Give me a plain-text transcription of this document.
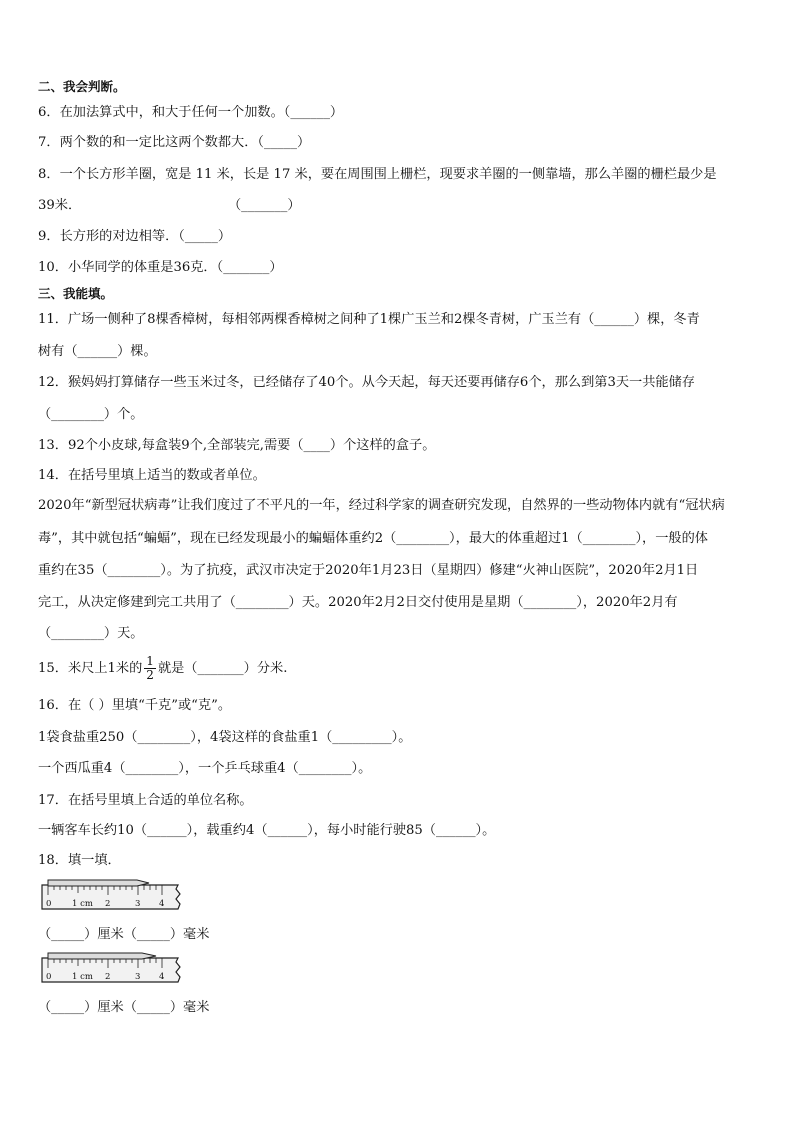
二、我会判断。
6．在加法算式中，和大于任何一个加数。（______）
7．两个数的和一定比这两个数都大．（_____）
8．一个长方形羊圈，宽是 11 米，长是 17 米，要在周围围上栅栏，现要求羊圈的一侧靠墙，那么羊圈的栅栏最少是
39米．	（_______）
9．长方形的对边相等．（_____）
10．小华同学的体重是36克．（_______）
三、我能填。
11．广场一侧种了8棵香樟树，每相邻两棵香樟树之间种了1棵广玉兰和2棵冬青树，广玉兰有（______）棵，冬青
树有（______）棵。
12．猴妈妈打算储存一些玉米过冬，已经储存了40个。从今天起，每天还要再储存6个，那么到第3天一共能储存
（________）个。
13．92个小皮球,每盒装9个,全部装完,需要（____）个这样的盒子。
14．在括号里填上适当的数或者单位。
2020年“新型冠状病毒”让我们度过了不平凡的一年，经过科学家的调查研究发现，自然界的一些动物体内就有“冠状病
毒”，其中就包括“蝙蝠”，现在已经发现最小的蝙蝠体重约2（________），最大的体重超过1（________），一般的体
重约在35（________）。为了抗疫，武汉市决定于2020年1月23日（星期四）修建“火神山医院”，2020年2月1日
完工，从决定修建到完工共用了（________）天。2020年2月2日交付使用是星期（________），2020年2月有
（________）天。
15．米尺上1米的 $\frac{1}{2}$ 就是（_______）分米.
16．在（ ）里填“千克”或“克”。
1袋食盐重250（________），4袋这样的食盐重1（_________）。
一个西瓜重4（________），一个乒乓球重4（________）。
17．在括号里填上合适的单位名称。
一辆客车长约10（______），载重约4（______），每小时能行驶85（______）。
18．填一填．
0 1 cm 2	3 4
（_____）厘米（_____）毫米
0 1 cm 2	3 4
（_____）厘米（_____）毫米
